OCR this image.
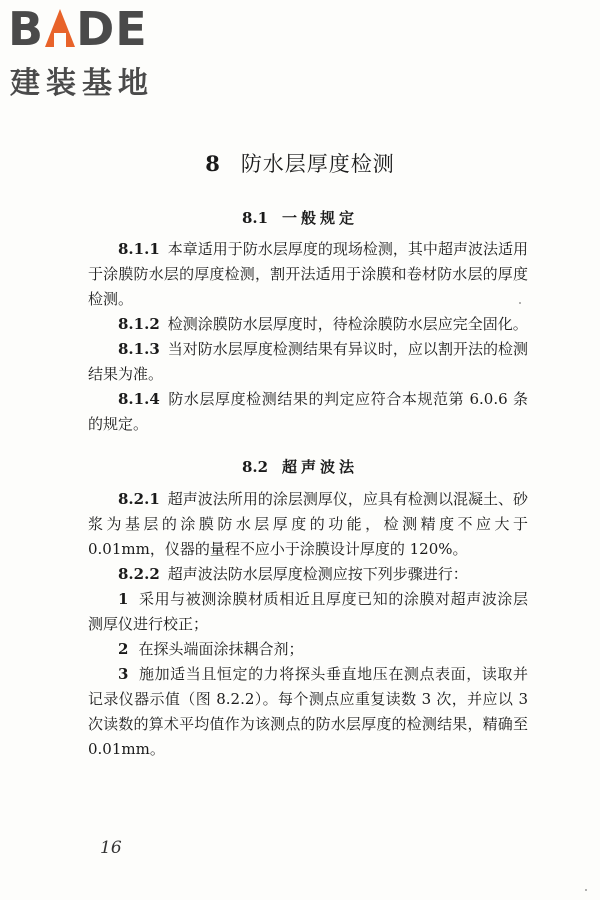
B DE
建装基地
8 防水层厚度检测
8.1 一般规定

8.1.1 本章适用于防水层厚度的现场检测，其中超声波法适用于涂膜防水层的厚度检测，割开法适用于涂膜和卷材防水层的厚度检测。

8.1.2 检测涂膜防水层厚度时，待检涂膜防水层应完全固化。

8.1.3 当对防水层厚度检测结果有异议时，应以割开法的检测结果为准。

8.1.4 防水层厚度检测结果的判定应符合本规范第 6.0.6 条的规定。

8.2 超声波法

8.2.1 超声波法所用的涂层测厚仪，应具有检测以混凝土、砂浆为基层的涂膜防水层厚度的功能，检测精度不应大于 0.01mm，仪器的量程不应小于涂膜设计厚度的 120%。

8.2.2 超声波法防水层厚度检测应按下列步骤进行：

1 采用与被测涂膜材质相近且厚度已知的涂膜对超声波涂层测厚仪进行校正；

2 在探头端面涂抹耦合剂；

3 施加适当且恒定的力将探头垂直地压在测点表面，读取并记录仪器示值（图 8.2.2）。每个测点应重复读数 3 次，并应以 3 次读数的算术平均值作为该测点的防水层厚度的检测结果，精确至 0.01mm。

16
